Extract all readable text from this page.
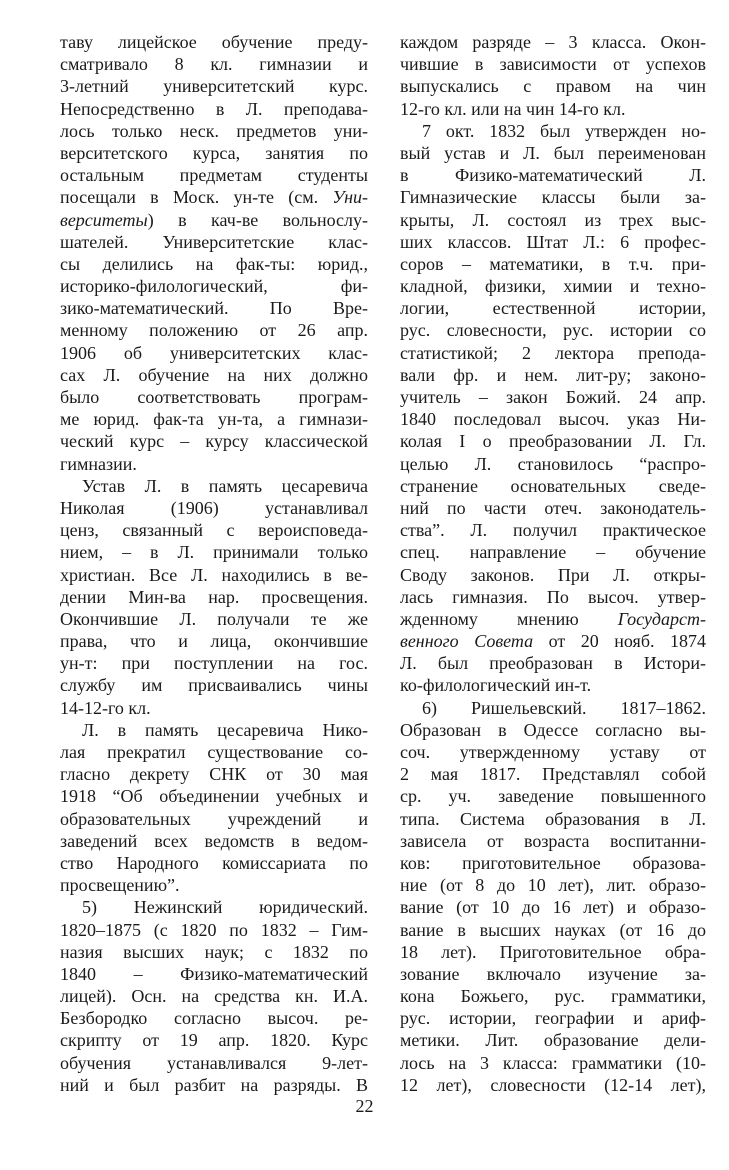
таву лицейское обучение преду-
сматривало 8 кл. гимназии и
3-летний университетский курс.
Непосредственно в Л. преподава-
лось только неск. предметов уни-
верситетского курса, занятия по
остальным предметам студенты
посещали в Моск. ун-те (см. Уни-
верситеты) в кач-ве вольнослу-
шателей. Университетские клас-
сы делились на фак-ты: юрид.,
историко-филологический, фи-
зико-математический. По Вре-
менному положению от 26 апр.
1906 об университетских клас-
сах Л. обучение на них должно
было соответствовать програм-
ме юрид. фак-та ун-та, а гимнази-
ческий курс – курсу классической
гимназии.
Устав Л. в память цесаревича
Николая (1906) устанавливал
ценз, связанный с вероисповеда-
нием, – в Л. принимали только
христиан. Все Л. находились в ве-
дении Мин-ва нар. просвещения.
Окончившие Л. получали те же
права, что и лица, окончившие
ун-т: при поступлении на гос.
службу им присваивались чины
14-12-го кл.
Л. в память цесаревича Нико-
лая прекратил существование со-
гласно декрету СНК от 30 мая
1918 “Об объединении учебных и
образовательных учреждений и
заведений всех ведомств в ведом-
ство Народного комиссариата по
просвещению”.
5) Нежинский юридический.
1820–1875 (с 1820 по 1832 – Гим-
назия высших наук; с 1832 по
1840 – Физико-математический
лицей). Осн. на средства кн. И.А.
Безбородко согласно высоч. ре-
скрипту от 19 апр. 1820. Курс
обучения устанавливался 9-лет-
ний и был разбит на разряды. В
каждом разряде – 3 класса. Окон-
чившие в зависимости от успехов
выпускались с правом на чин
12-го кл. или на чин 14-го кл.
7 окт. 1832 был утвержден но-
вый устав и Л. был переименован
в Физико-математический Л.
Гимназические классы были за-
крыты, Л. состоял из трех выс-
ших классов. Штат Л.: 6 профес-
соров – математики, в т.ч. при-
кладной, физики, химии и техно-
логии, естественной истории,
рус. словесности, рус. истории со
статистикой; 2 лектора препода-
вали фр. и нем. лит-ру; законо-
учитель – закон Божий. 24 апр.
1840 последовал высоч. указ Ни-
колая I о преобразовании Л. Гл.
целью Л. становилось “распро-
странение основательных сведе-
ний по части отеч. законодатель-
ства”. Л. получил практическое
спец. направление – обучение
Своду законов. При Л. откры-
лась гимназия. По высоч. утвер-
жденному мнению Государст-
венного Совета от 20 нояб. 1874
Л. был преобразован в Истори-
ко-филологический ин-т.
6) Ришельевский. 1817–1862.
Образован в Одессе согласно вы-
соч. утвержденному уставу от
2 мая 1817. Представлял собой
ср. уч. заведение повышенного
типа. Система образования в Л.
зависела от возраста воспитанни-
ков: приготовительное образова-
ние (от 8 до 10 лет), лит. образо-
вание (от 10 до 16 лет) и образо-
вание в высших науках (от 16 до
18 лет). Приготовительное обра-
зование включало изучение за-
кона Божьего, рус. грамматики,
рус. истории, географии и ариф-
метики. Лит. образование дели-
лось на 3 класса: грамматики (10-
12 лет), словесности (12-14 лет),
22
